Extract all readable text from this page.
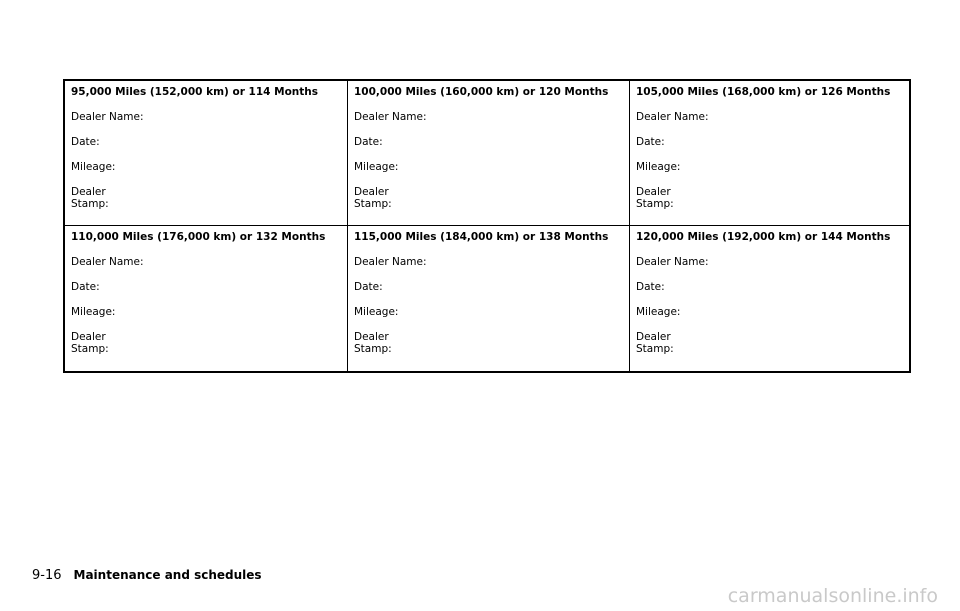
95,000 Miles (152,000 km) or 114 Months
Dealer Name:
Date:
Mileage:
Dealer
Stamp:
100,000 Miles (160,000 km) or 120 Months
Dealer Name:
Date:
Mileage:
Dealer
Stamp:
105,000 Miles (168,000 km) or 126 Months
Dealer Name:
Date:
Mileage:
Dealer
Stamp:
110,000 Miles (176,000 km) or 132 Months
Dealer Name:
Date:
Mileage:
Dealer
Stamp:
115,000 Miles (184,000 km) or 138 Months
Dealer Name:
Date:
Mileage:
Dealer
Stamp:
120,000 Miles (192,000 km) or 144 Months
Dealer Name:
Date:
Mileage:
Dealer
Stamp:
9-16 Maintenance and schedules
carmanualsonline.info
